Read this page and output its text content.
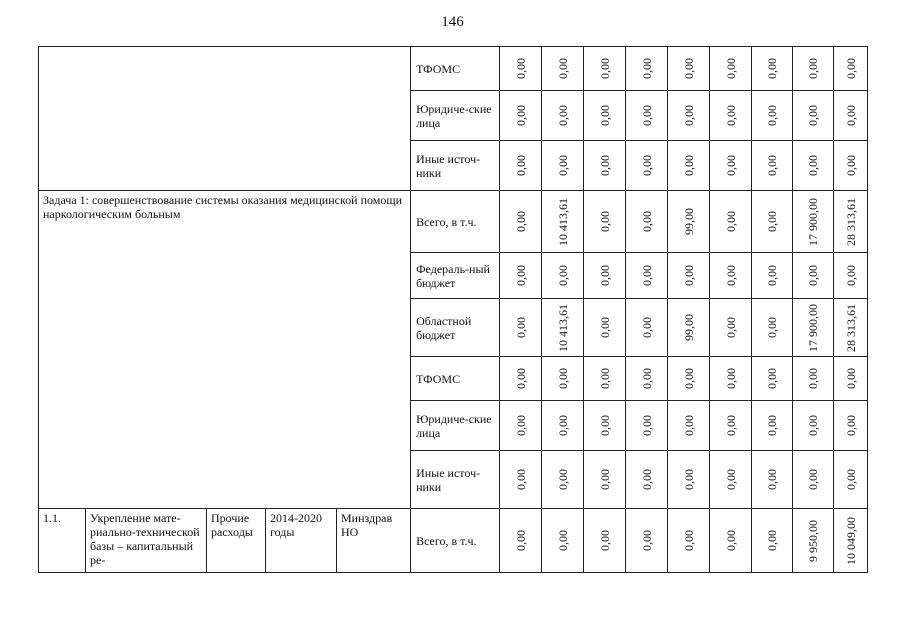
146
					ТФОМС	0,00	0,00	0,00	0,00	0,00	0,00	0,00	0,00	0,00

					Юридиче-ские лица	0,00	0,00	0,00	0,00	0,00	0,00	0,00	0,00	0,00

					Иные источ-ники	0,00	0,00	0,00	0,00	0,00	0,00	0,00	0,00	0,00

Задача 1: совершенствование системы оказания медицинской помощи наркологическим больным					Всего, в т.ч.	0,00	10 413,61	0,00	0,00	99,00	0,00	0,00	17 900,00	28 313,61

					Федераль-ный бюджет	0,00	0,00	0,00	0,00	0,00	0,00	0,00	0,00	0,00

					Областной бюджет	0,00	10 413,61	0,00	0,00	99,00	0,00	0,00	17 900,00	28 313,61

					ТФОМС	0,00	0,00	0,00	0,00	0,00	0,00	0,00	0,00	0,00

					Юридиче-ские лица	0,00	0,00	0,00	0,00	0,00	0,00	0,00	0,00	0,00

					Иные источ-ники	0,00	0,00	0,00	0,00	0,00	0,00	0,00	0,00	0,00

1.1.	Укрепление мате-риально-технической базы – капитальный ре-	Прочие расходы	2014-2020 годы	Минздрав НО	Всего, в т.ч.	0,00	0,00	0,00	0,00	0,00	0,00	0,00	9 950,00	10 049,00
